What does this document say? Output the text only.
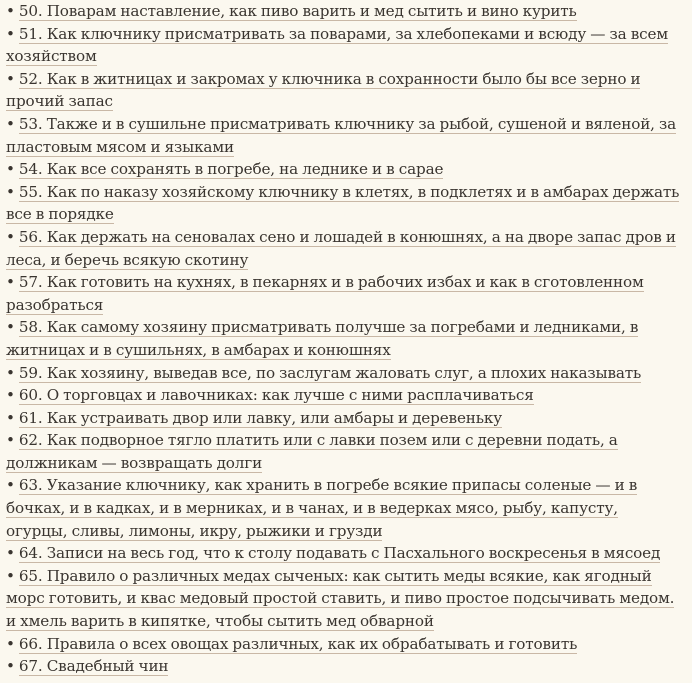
• 50. Поварам наставление, как пиво варить и мед сытить и вино курить
• 51. Как ключнику присматривать за поварами, за хлебопеками и всюду — за всем хозяйством
• 52. Как в житницах и закромах у ключника в сохранности было бы все зерно и прочий запас
• 53. Также и в сушильне присматривать ключнику за рыбой, сушеной и вяленой, за пластовым мясом и языками
• 54. Как все сохранять в погребе, на леднике и в сарае
• 55. Как по наказу хозяйскому ключнику в клетях, в подклетях и в амбарах держать все в порядке
• 56. Как держать на сеновалах сено и лошадей в конюшнях, а на дворе запас дров и леса, и беречь всякую скотину
• 57. Как готовить на кухнях, в пекарнях и в рабочих избах и как в сготовленном разобраться
• 58. Как самому хозяину присматривать получше за погребами и ледниками, в житницах и в сушильнях, в амбарах и конюшнях
• 59. Как хозяину, выведав все, по заслугам жаловать слуг, а плохих наказывать
• 60. О торговцах и лавочниках: как лучше с ними расплачиваться
• 61. Как устраивать двор или лавку, или амбары и деревеньку
• 62. Как подворное тягло платить или с лавки позем или с деревни подать, а должникам — возвращать долги
• 63. Указание ключнику, как хранить в погребе всякие припасы соленые — и в бочках, и в кадках, и в мерниках, и в чанах, и в ведерках мясо, рыбу, капусту, огурцы, сливы, лимоны, икру, рыжики и грузди
• 64. Записи на весь год, что к столу подавать с Пасхального воскресенья в мясоед
• 65. Правило о различных медах сыченых: как сытить меды всякие, как ягодный морс готовить, и квас медовый простой ставить, и пиво простое подсычивать медом. и хмель варить в кипятке, чтобы сытить мед обварной
• 66. Правила о всех овощах различных, как их обрабатывать и готовить
• 67. Свадебный чин
